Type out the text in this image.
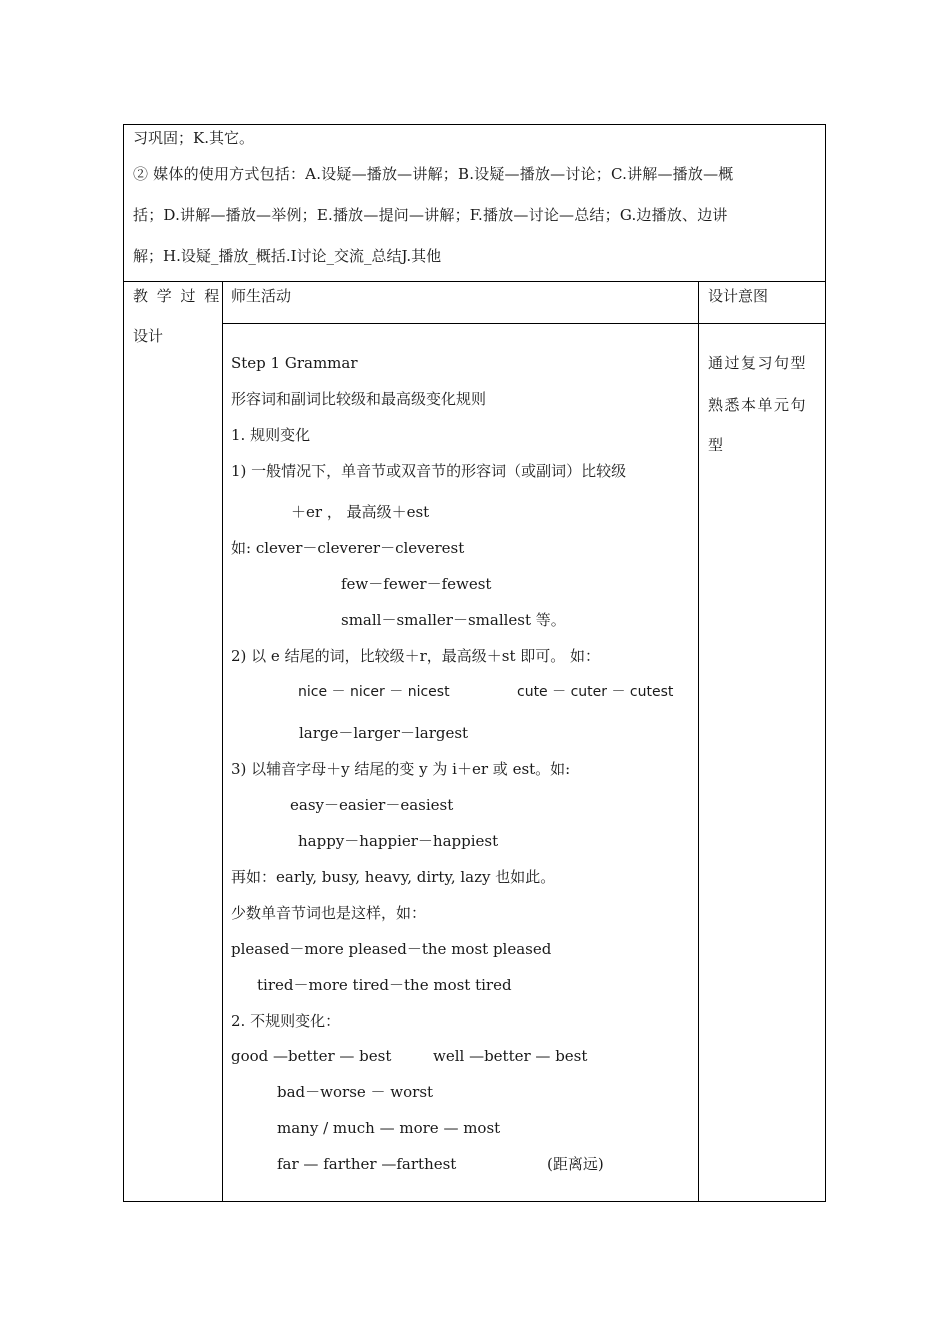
习巩固；K.其它。
② 媒体的使用方式包括：A.设疑—播放—讲解；B.设疑—播放—讨论；C.讲解—播放—概
括；D.讲解—播放—举例；E.播放—提问—讲解；F.播放—讨论—总结；G.边播放、边讲
解；H.设疑_播放_概括.I讨论_交流_总结J.其他
教 学 过 程
设计
师生活动	设计意图
通过复习句型
熟悉本单元句
型
Step 1 Grammar
形容词和副词比较级和最高级变化规则
1. 规则变化
1) 一般情况下，单音节或双音节的形容词（或副词）比较级
＋er ， 最高级＋est
如: clever－cleverer－cleverest
few－fewer－fewest
small－smaller－smallest 等。
2) 以 e 结尾的词，比较级＋r，最高级＋st 即可。 如：
nice － nicer － nicest	cute － cuter － cutest
large－larger－largest
3) 以辅音字母＋y 结尾的变 y 为 i＋er 或 est。如:
easy－easier－easiest
happy－happier－happiest
再如：early, busy, heavy, dirty, lazy 也如此。
少数单音节词也是这样，如：
pleased－more pleased－the most pleased
tired－more tired－the most tired
2. 不规则变化：
good —better — best	well —better — best
bad－worse － worst
many / much — more — most
far — farther —farthest	(距离远)
